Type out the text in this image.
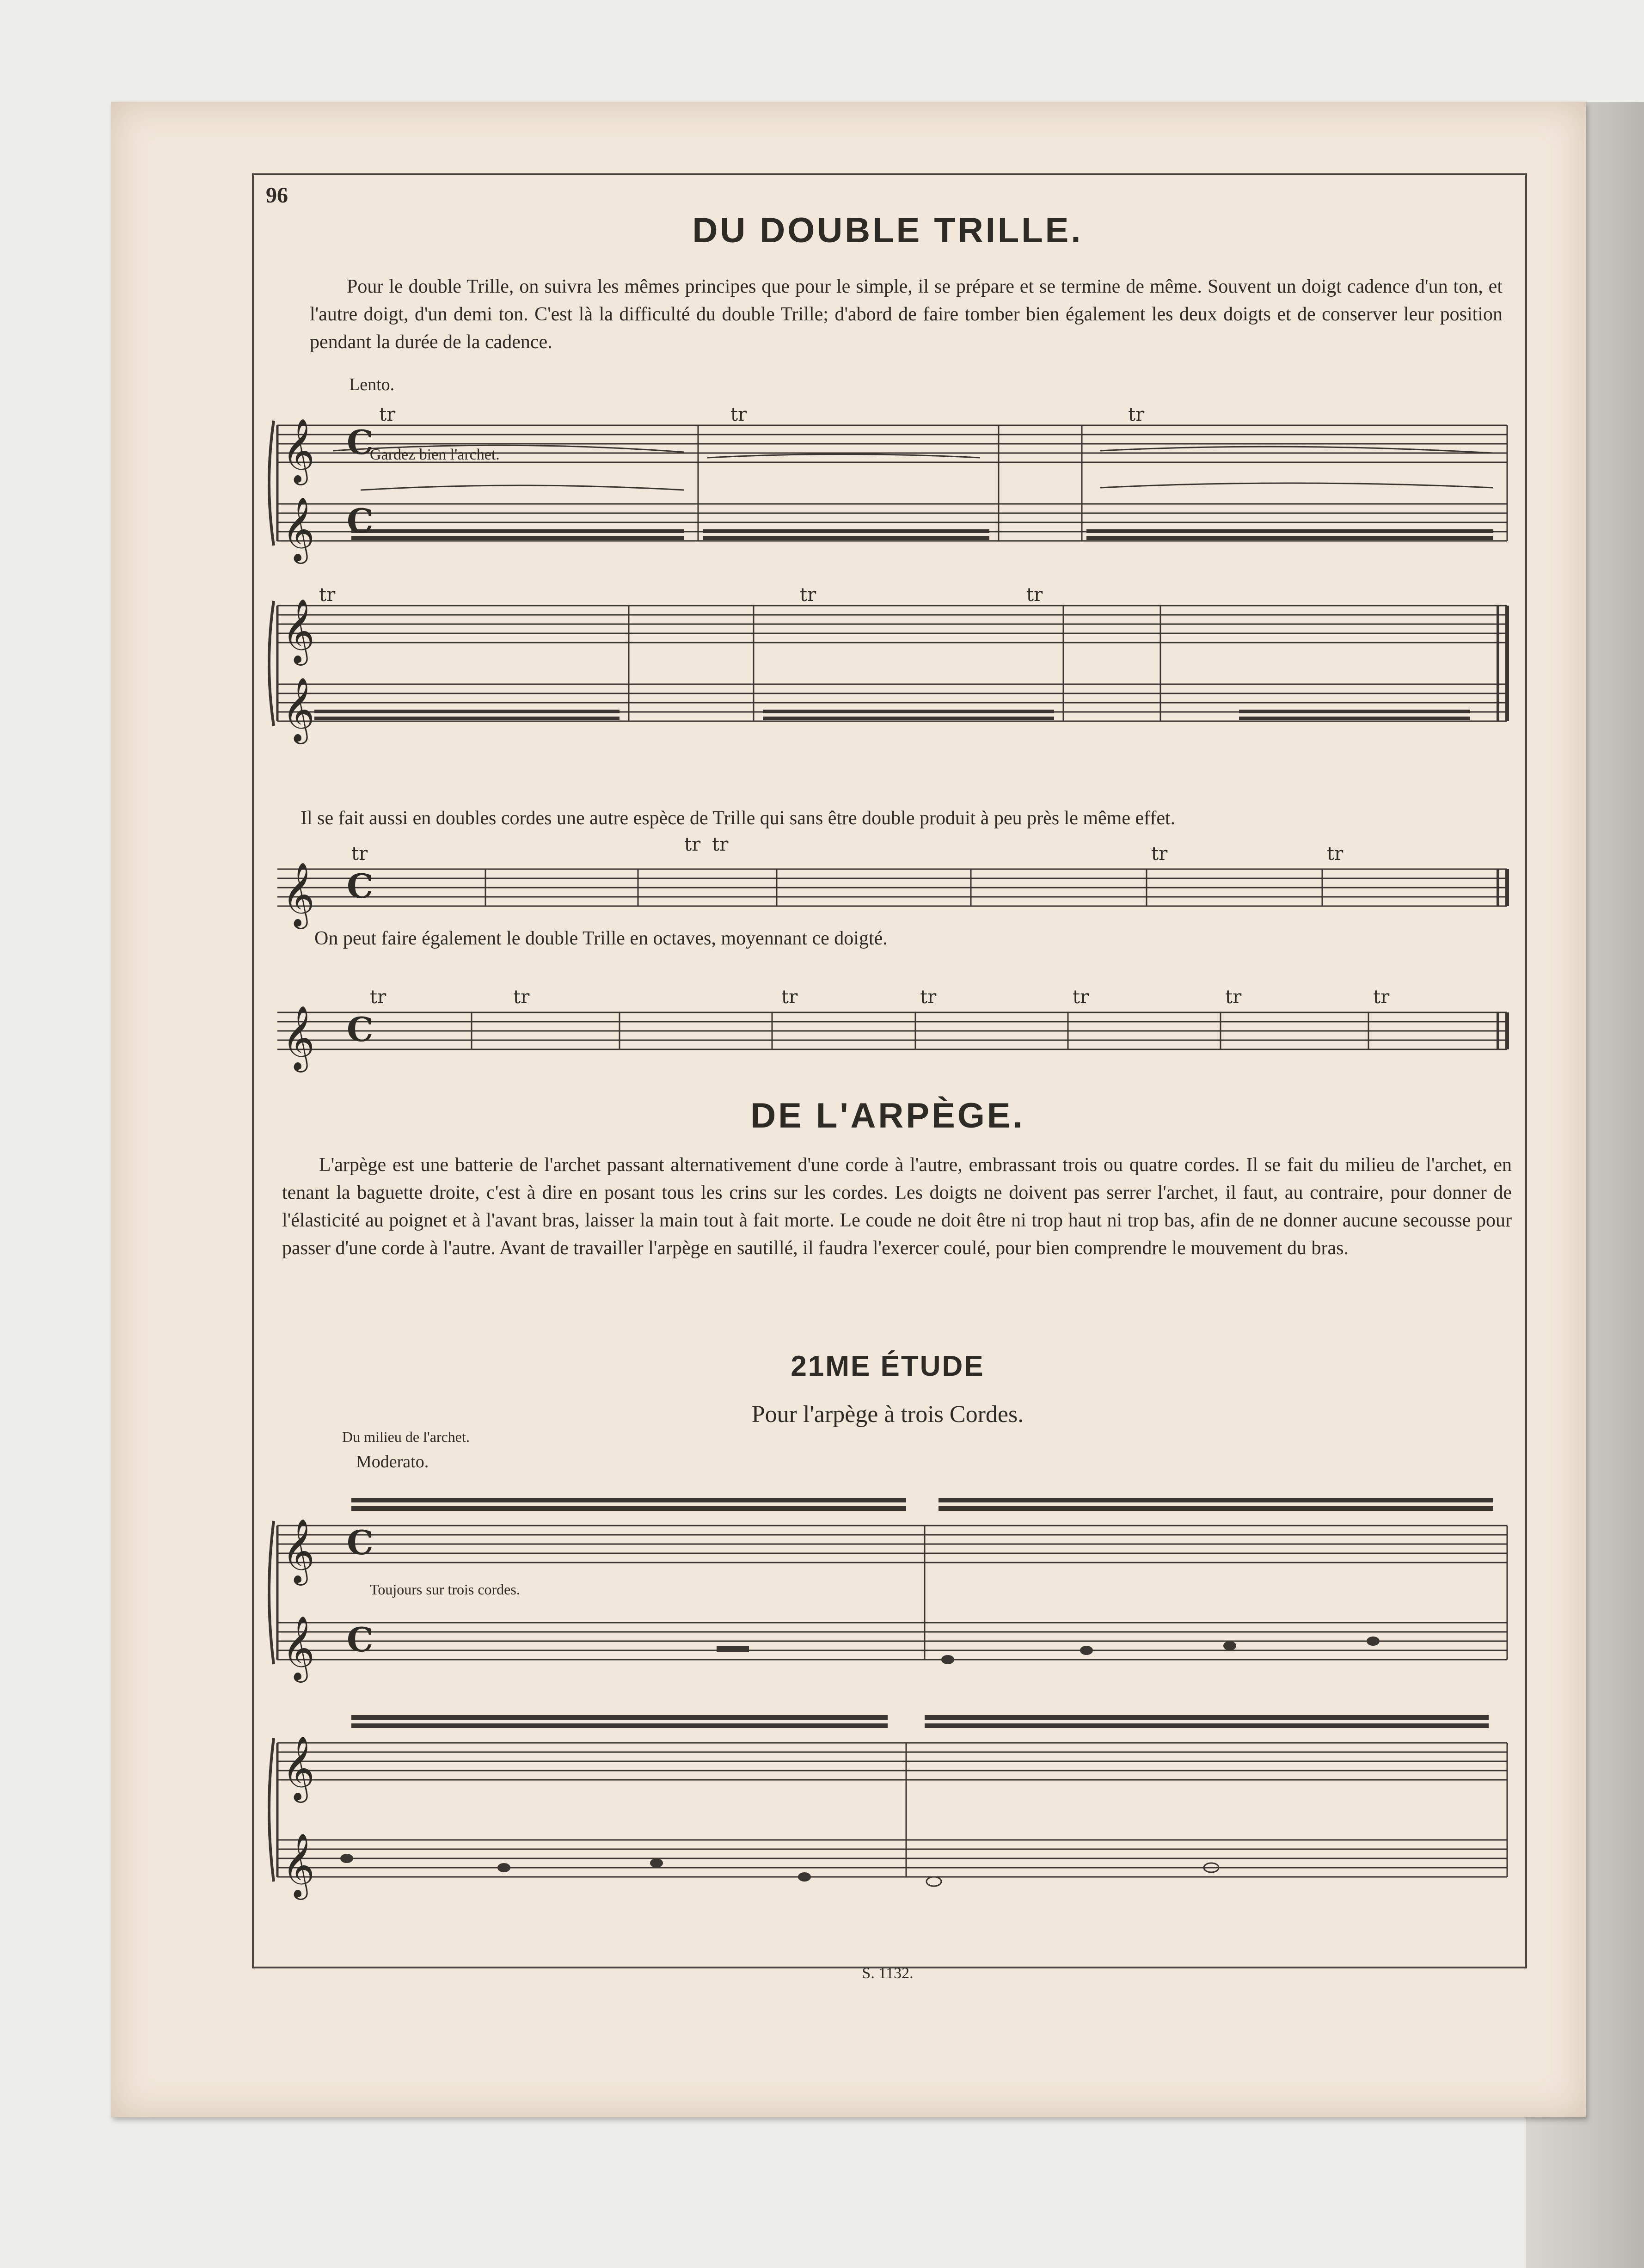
96
DU DOUBLE TRILLE.
Pour le double Trille, on suivra les mêmes principes que pour le simple, il se prépare et se termine de même. Souvent un doigt cadence d'un ton, et l'autre doigt, d'un demi ton. C'est là la difficulté du double Trille; d'abord de faire tomber bien également les deux doigts et de conserver leur position pendant la durée de la cadence.
Lento.
𝄞 C
𝄞 C
tr	tr	tr
Gardez bien l'archet.
𝄞
𝄞
tr	tr	tr
Il se fait aussi en doubles cordes une autre espèce de Trille qui sans être double produit à peu près le même effet.
𝄞 C
tr	tr tr	tr	tr
On peut faire également le double Trille en octaves, moyennant ce doigté.
𝄞 C
tr	tr	tr	tr	tr	tr	tr
DE L'ARPÈGE.
L'arpège est une batterie de l'archet passant alternativement d'une corde à l'autre, embrassant trois ou quatre cordes. Il se fait du milieu de l'archet, en tenant la baguette droite, c'est à dire en posant tous les crins sur les cordes. Les doigts ne doivent pas serrer l'archet, il faut, au contraire, pour donner de l'élasticité au poignet et à l'avant bras, laisser la main tout à fait morte. Le coude ne doit être ni trop haut ni trop bas, afin de ne donner aucune secousse pour passer d'une corde à l'autre. Avant de travailler l'arpège en sautillé, il faudra l'exercer coulé, pour bien comprendre le mouvement du bras.
21ME ÉTUDE
Pour l'arpège à trois Cordes.
Du milieu de l'archet.
Moderato.
𝄞 C
𝄞 C
Toujours sur trois cordes.
𝄞
𝄞
S. 1132.
